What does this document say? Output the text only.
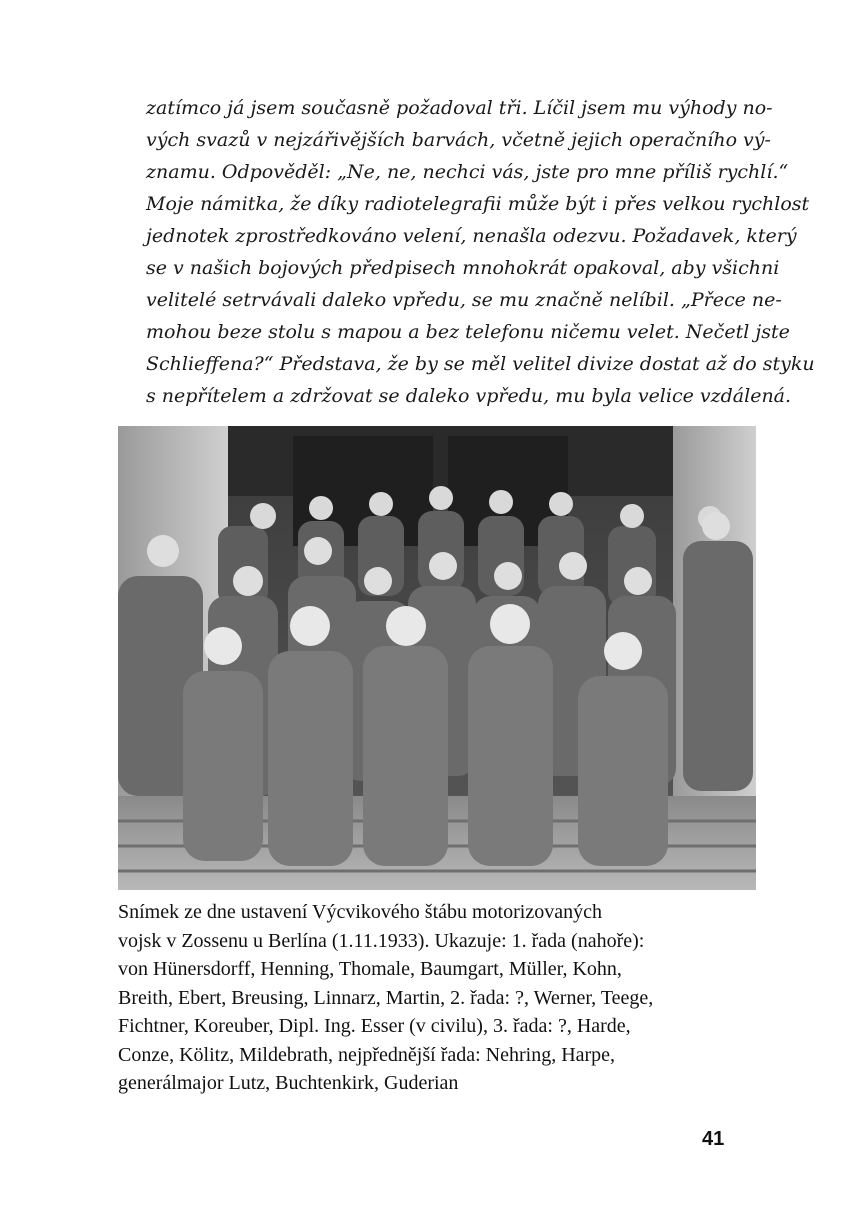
zatímco já jsem současně požadoval tři. Líčil jsem mu výhody no-
vých svazů v nejzářivějších barvách, včetně jejich operačního vý-
znamu. Odpověděl: „Ne, ne, nechci vás, jste pro mne příliš rychlí.“
Moje námitka, že díky radiotelegrafii může být i přes velkou rychlost
jednotek zprostředkováno velení, nenašla odezvu. Požadavek, který
se v našich bojových předpisech mnohokrát opakoval, aby všichni
velitelé setrvávali daleko vpředu, se mu značně nelíbil. „Přece ne-
mohou beze stolu s mapou a bez telefonu ničemu velet. Nečetl jste
Schlieffena?“ Představa, že by se měl velitel divize dostat až do styku
s nepřítelem a zdržovat se daleko vpředu, mu byla velice vzdálená.

Snímek ze dne ustavení Výcvikového štábu motorizovaných
vojsk v Zossenu u Berlína (1.11.1933). Ukazuje: 1. řada (nahoře):
von Hünersdorff, Henning, Thomale, Baumgart, Müller, Kohn,
Breith, Ebert, Breusing, Linnarz, Martin, 2. řada: ?, Werner, Teege,
Fichtner, Koreuber, Dipl. Ing. Esser (v civilu), 3. řada: ?, Harde,
Conze, Kölitz, Mildebrath, nejpřednější řada: Nehring, Harpe,
generálmajor Lutz, Buchtenkirk, Guderian

41
